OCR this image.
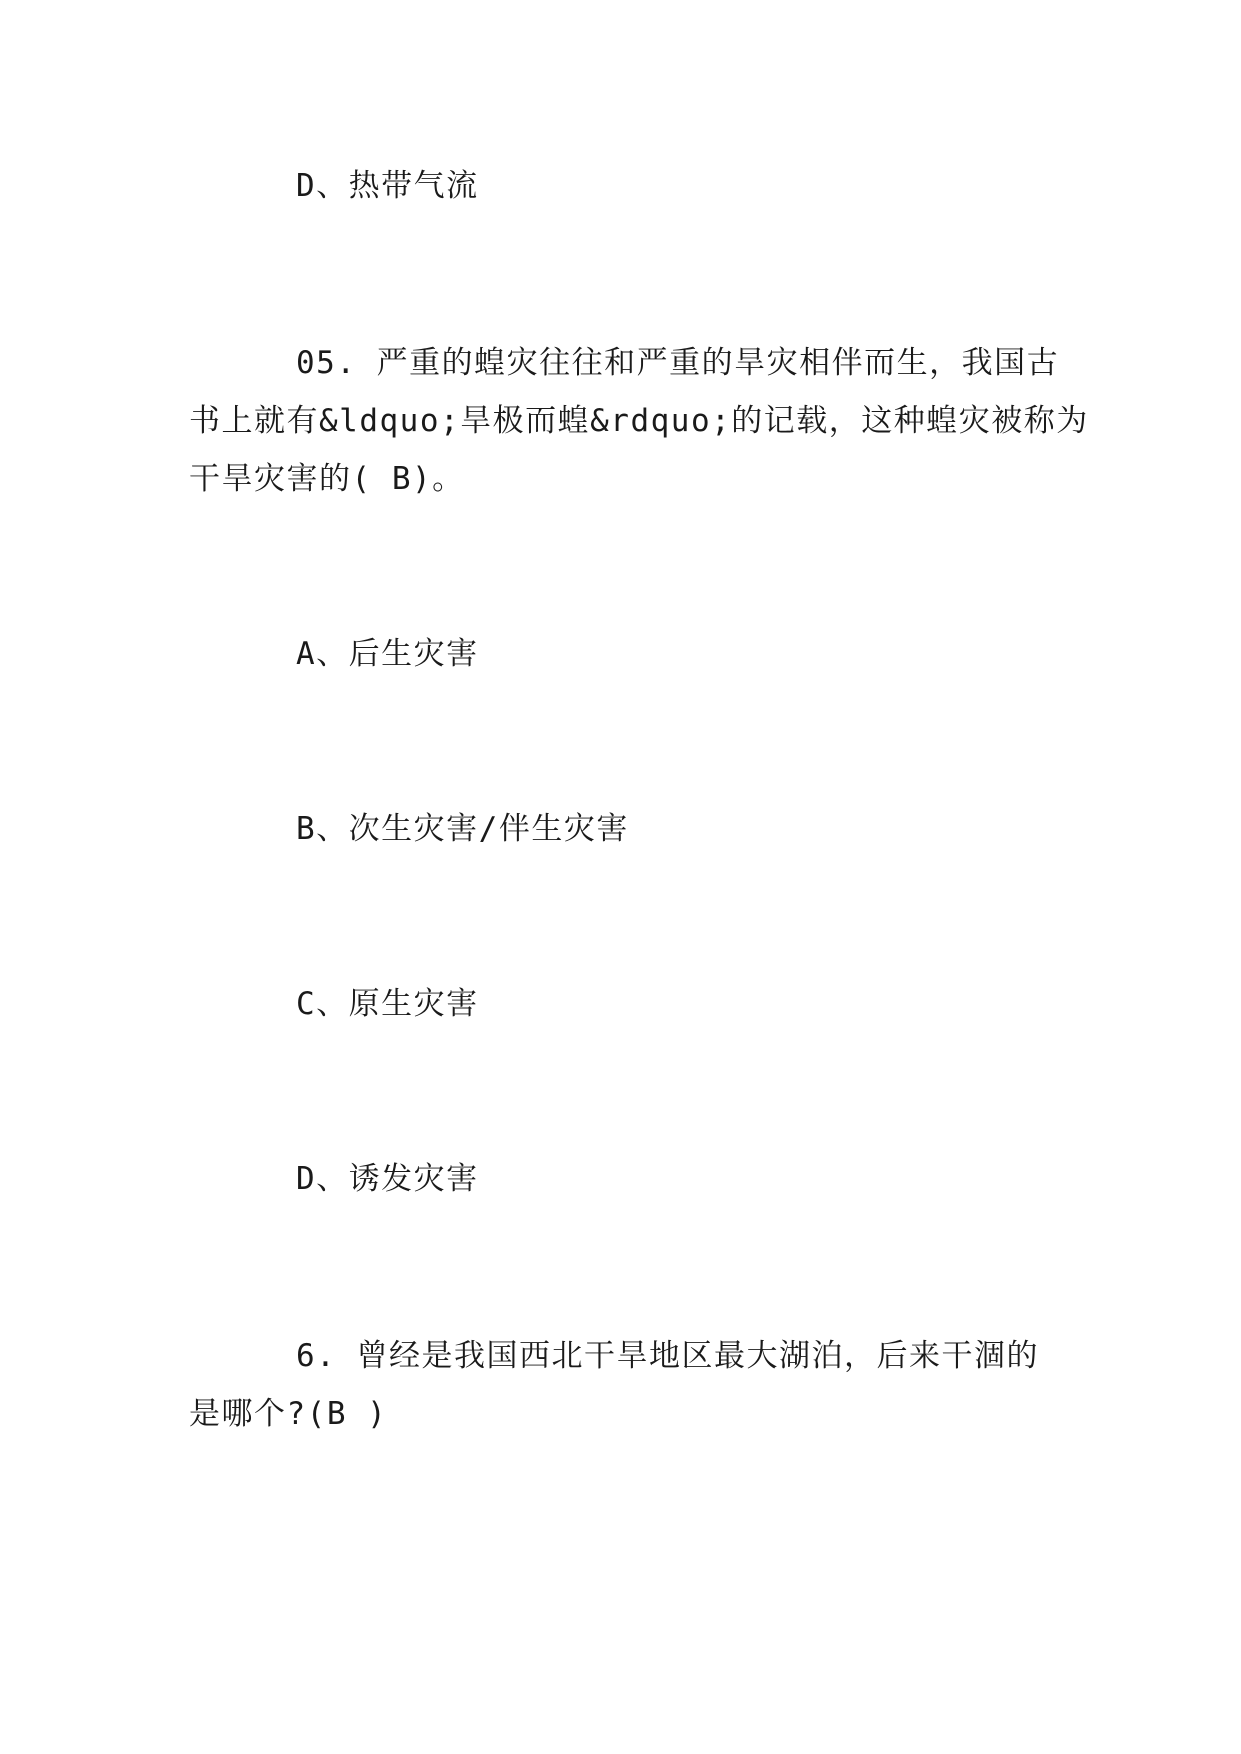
D、热带气流
05. 严重的蝗灾往往和严重的旱灾相伴而生，我国古
书上就有&ldquo;旱极而蝗&rdquo;的记载，这种蝗灾被称为
干旱灾害的( B)。
A、后生灾害
B、次生灾害/伴生灾害
C、原生灾害
D、诱发灾害
6. 曾经是我国西北干旱地区最大湖泊，后来干涸的
是哪个?(B )
